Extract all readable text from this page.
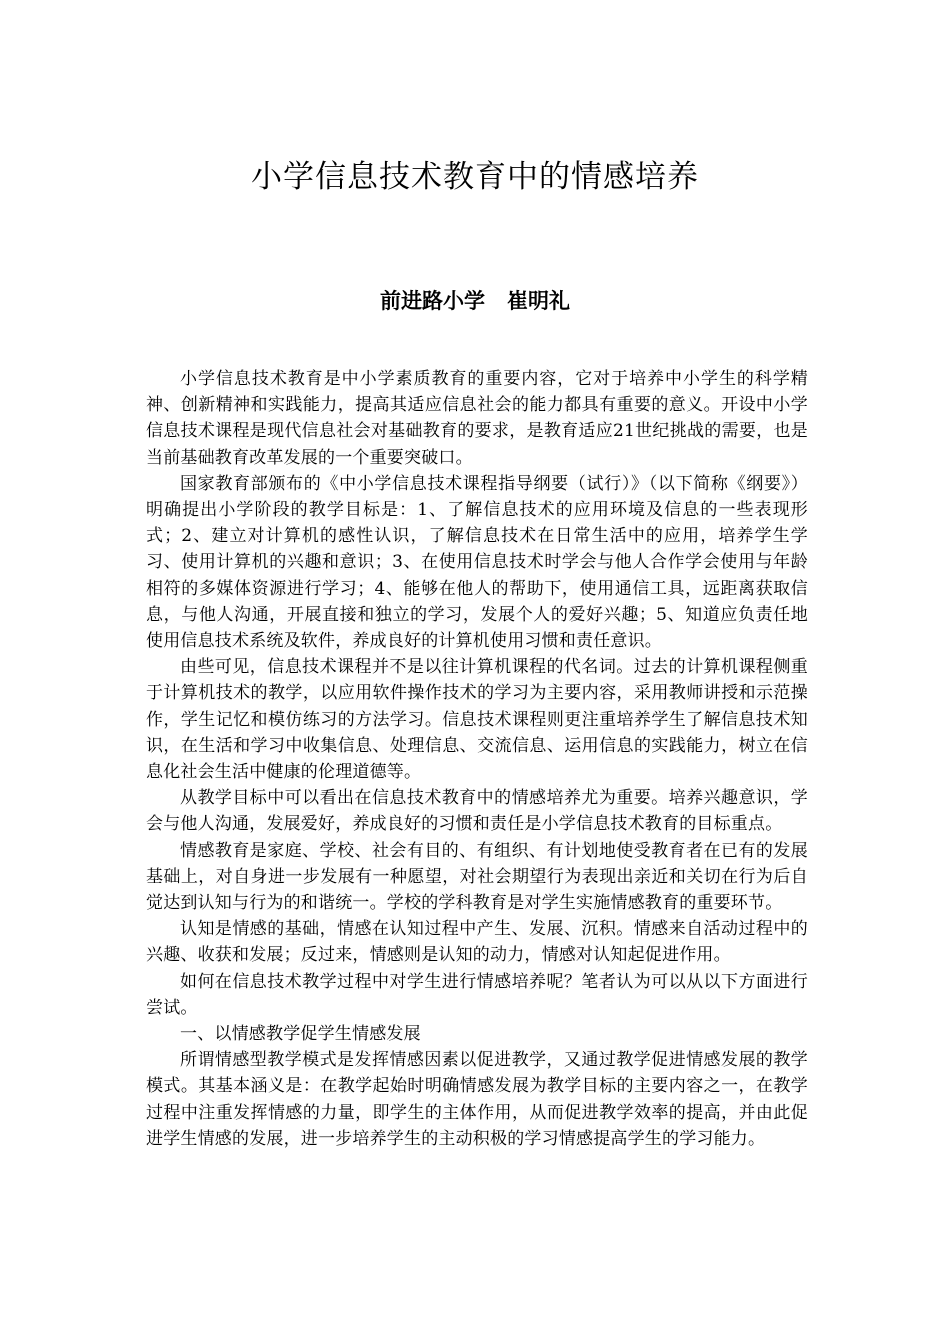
小学信息技术教育中的情感培养
前进路小学   崔明礼

小学信息技术教育是中小学素质教育的重要内容，它对于培养中小学生的科学精神、创新精神和实践能力，提高其适应信息社会的能力都具有重要的意义。开设中小学信息技术课程是现代信息社会对基础教育的要求，是教育适应21世纪挑战的需要，也是当前基础教育改革发展的一个重要突破口。

国家教育部颁布的《中小学信息技术课程指导纲要（试行）》（以下简称《纲要》）明确提出小学阶段的教学目标是：1、了解信息技术的应用环境及信息的一些表现形式；2、建立对计算机的感性认识，了解信息技术在日常生活中的应用，培养学生学习、使用计算机的兴趣和意识；3、在使用信息技术时学会与他人合作学会使用与年龄相符的多媒体资源进行学习；4、能够在他人的帮助下，使用通信工具，远距离获取信息，与他人沟通，开展直接和独立的学习，发展个人的爱好兴趣；5、知道应负责任地使用信息技术系统及软件，养成良好的计算机使用习惯和责任意识。

由些可见，信息技术课程并不是以往计算机课程的代名词。过去的计算机课程侧重于计算机技术的教学，以应用软件操作技术的学习为主要内容，采用教师讲授和示范操作，学生记忆和模仿练习的方法学习。信息技术课程则更注重培养学生了解信息技术知识，在生活和学习中收集信息、处理信息、交流信息、运用信息的实践能力，树立在信息化社会生活中健康的伦理道德等。

从教学目标中可以看出在信息技术教育中的情感培养尤为重要。培养兴趣意识，学会与他人沟通，发展爱好，养成良好的习惯和责任是小学信息技术教育的目标重点。

情感教育是家庭、学校、社会有目的、有组织、有计划地使受教育者在已有的发展基础上，对自身进一步发展有一种愿望，对社会期望行为表现出亲近和关切在行为后自觉达到认知与行为的和谐统一。学校的学科教育是对学生实施情感教育的重要环节。

认知是情感的基础，情感在认知过程中产生、发展、沉积。情感来自活动过程中的兴趣、收获和发展；反过来，情感则是认知的动力，情感对认知起促进作用。

如何在信息技术教学过程中对学生进行情感培养呢？笔者认为可以从以下方面进行尝试。

一、以情感教学促学生情感发展

所谓情感型教学模式是发挥情感因素以促进教学，又通过教学促进情感发展的教学模式。其基本涵义是：在教学起始时明确情感发展为教学目标的主要内容之一，在教学过程中注重发挥情感的力量，即学生的主体作用，从而促进教学效率的提高，并由此促进学生情感的发展，进一步培养学生的主动积极的学习情感提高学生的学习能力。
